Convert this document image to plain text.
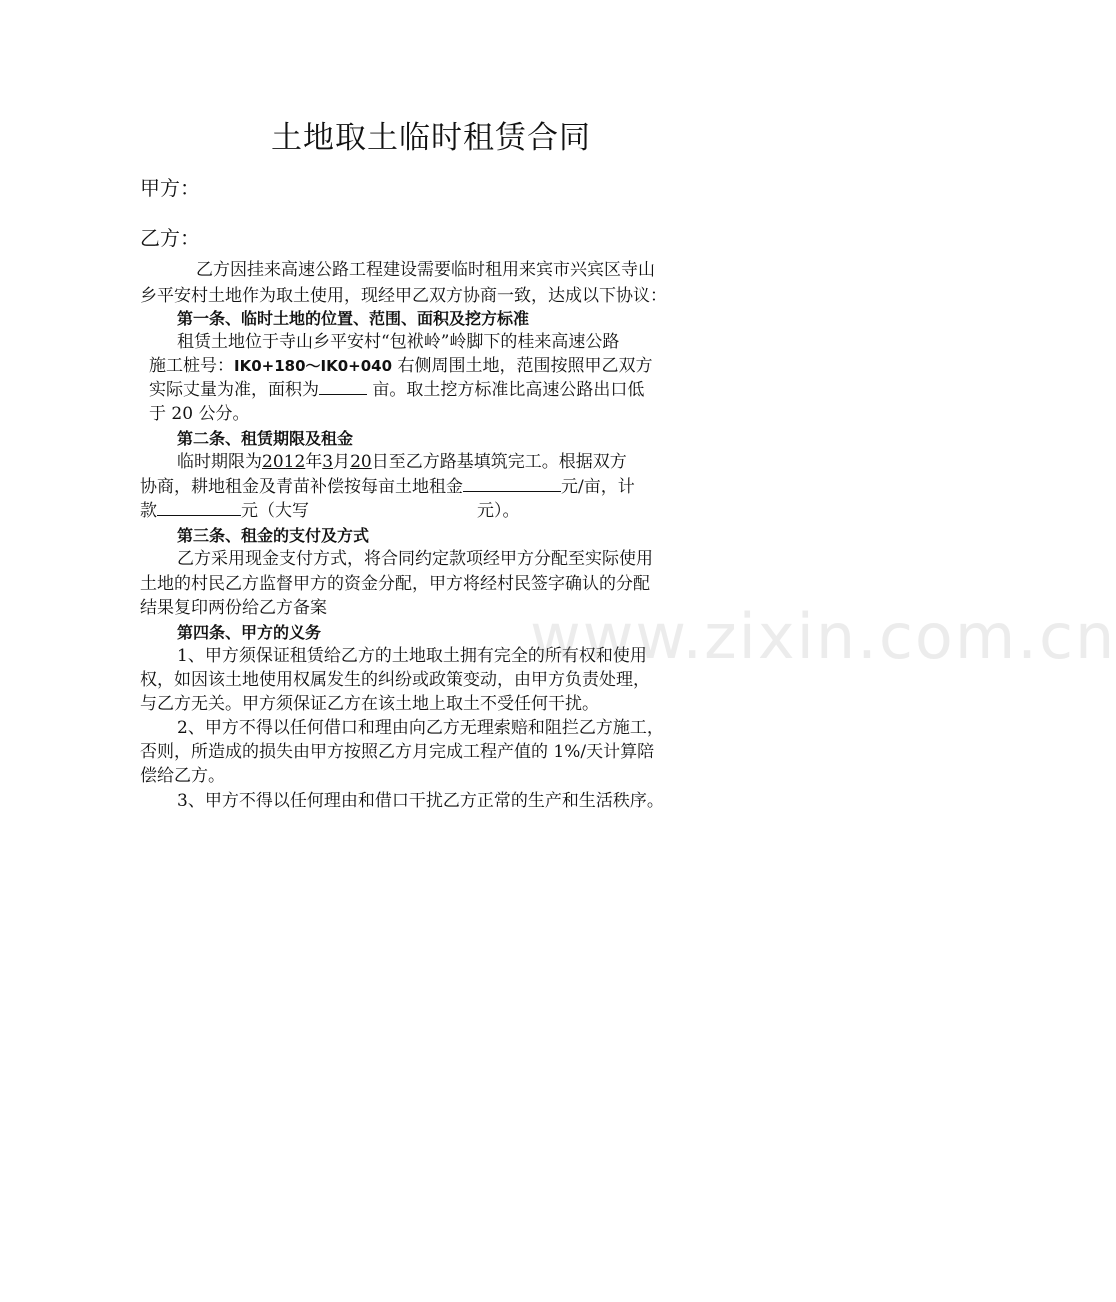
土地取土临时租赁合同
甲方：
乙方：
乙方因挂来高速公路工程建设需要临时租用来宾市兴宾区寺山
乡平安村土地作为取土使用，现经甲乙双方协商一致，达成以下协议：
第一条、临时土地的位置、范围、面积及挖方标准
租赁土地位于寺山乡平安村“包袱岭”岭脚下的桂来高速公路
施工桩号：IK0+180～IK0+040 右侧周围土地，范围按照甲乙双方
实际丈量为准，面积为	亩。取土挖方标准比高速公路出口低
于 20 公分。
第二条、租赁期限及租金
临时期限为2012年3月20日至乙方路基填筑完工。根据双方
协商，耕地租金及青苗补偿按每亩土地租金	元/亩，计
款	元（大写	元）。
第三条、租金的支付及方式
乙方采用现金支付方式，将合同约定款项经甲方分配至实际使用
土地的村民乙方监督甲方的资金分配，甲方将经村民签字确认的分配
结果复印两份给乙方备案
第四条、甲方的义务
1、甲方须保证租赁给乙方的土地取土拥有完全的所有权和使用
权，如因该土地使用权属发生的纠纷或政策变动，由甲方负责处理，
与乙方无关。甲方须保证乙方在该土地上取土不受任何干扰。
2、甲方不得以任何借口和理由向乙方无理索赔和阻拦乙方施工，
否则，所造成的损失由甲方按照乙方月完成工程产值的 1%/天计算陪
偿给乙方。
3、甲方不得以任何理由和借口干扰乙方正常的生产和生活秩序。
www.zixin.com.cn
